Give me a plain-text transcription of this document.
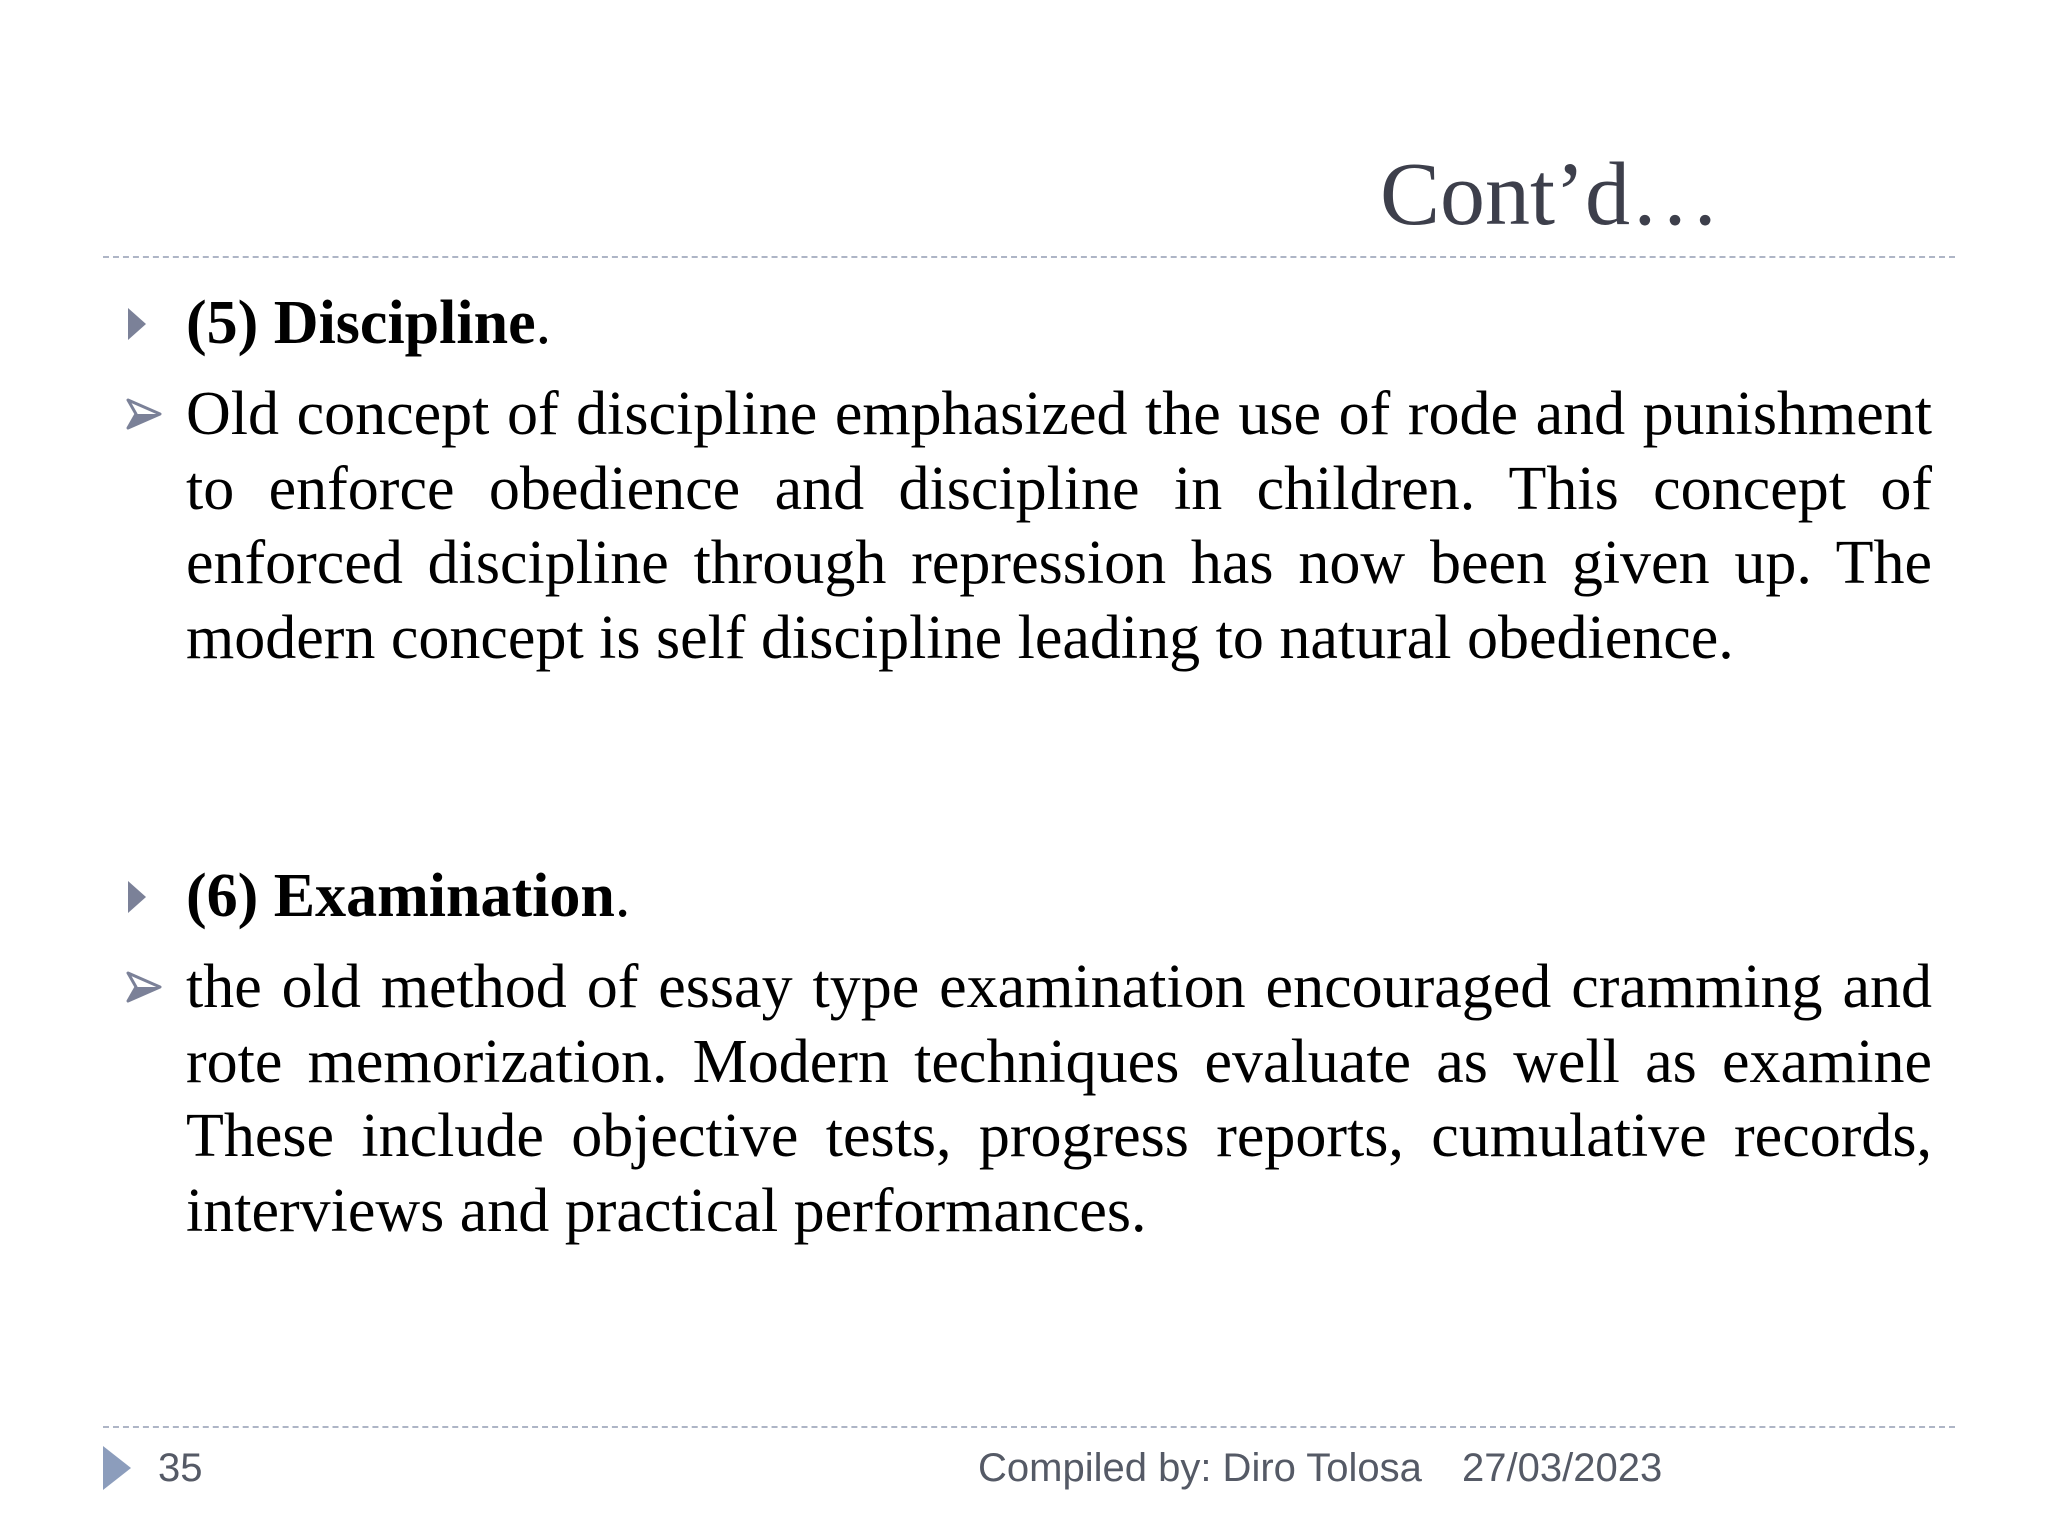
Cont’d…
(5) Discipline.
Old concept of discipline emphasized the use of rode and punishment to enforce obedience and discipline in children. This concept of enforced discipline through repression has now been given up. The modern concept is self discipline leading to natural obedience.
(6) Examination.
the old method of essay type examination encouraged cramming and rote memorization. Modern techniques evaluate as well as examine These include objective tests, progress reports, cumulative records, interviews and practical performances.
35	Compiled by: Diro Tolosa 27/03/2023
